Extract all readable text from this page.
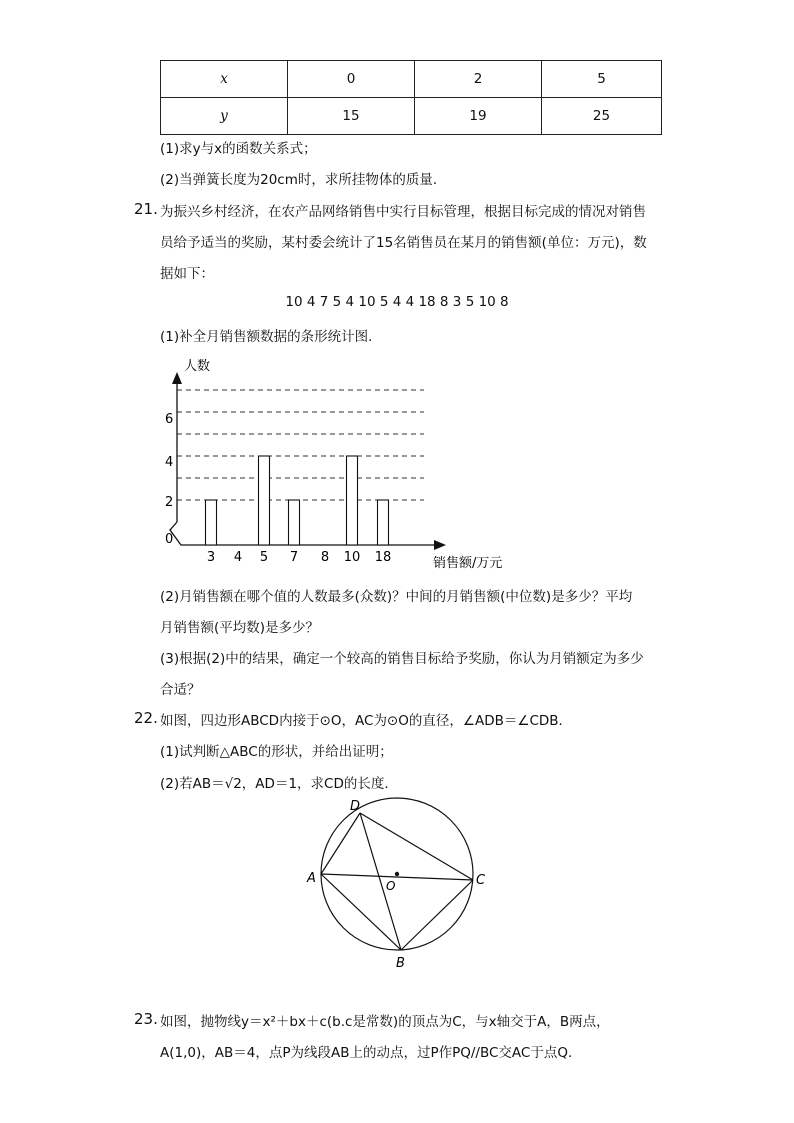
x	0	2	5
y	15	19	25
(1)求y与x的函数关系式；
(2)当弹簧长度为20cm时，求所挂物体的质量．
21. 为振兴乡村经济，在农产品网络销售中实行目标管理，根据目标完成的情况对销售
员给予适当的奖励，某村委会统计了15名销售员在某月的销售额(单位：万元)，数
据如下：
10 4 7 5 4 10 5 4 4 18 8 3 5 10 8
(1)补全月销售额数据的条形统计图．
人数
销售额/万元
0
2
4
6
3 4 5 7 8 10 18
(2)月销售额在哪个值的人数最多(众数)？中间的月销售额(中位数)是多少？平均
月销售额(平均数)是多少？
(3)根据(2)中的结果，确定一个较高的销售目标给予奖励，你认为月销额定为多少
合适？
22. 如图，四边形ABCD内接于⊙O，AC为⊙O的直径，∠ADB＝∠CDB．
(1)试判断△ABC的形状，并给出证明；
(2)若AB＝√2，AD＝1，求CD的长度．
A	C
D
B
O
23. 如图，抛物线y＝x²＋bx＋c(b.c是常数)的顶点为C，与x轴交于A，B两点，
A(1,0)，AB＝4，点P为线段AB上的动点，过P作PQ//BC交AC于点Q．
